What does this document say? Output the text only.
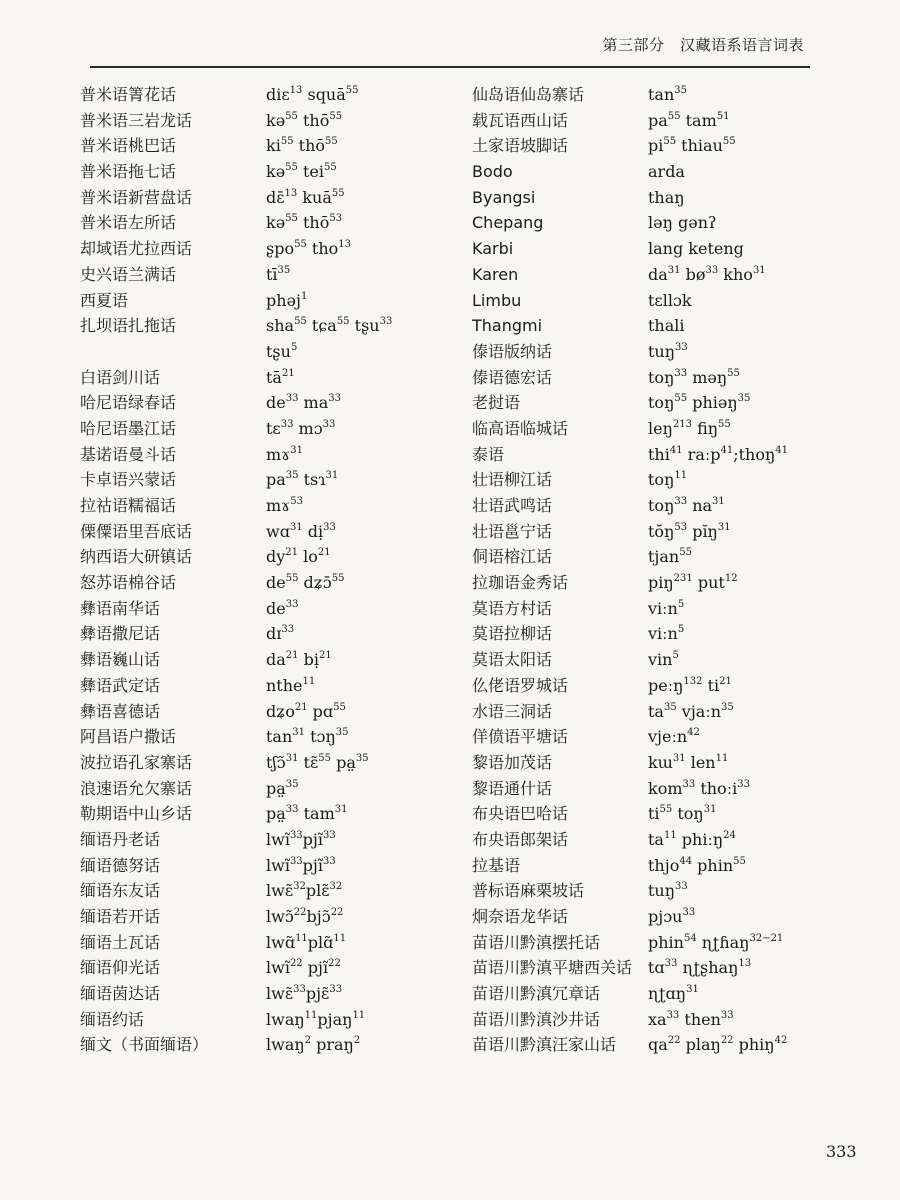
第三部分　汉藏语系语言词表
普米语箐花话	diɛ$^{13}$ squā$^{55}$
普米语三岩龙话	kə$^{55}$ thō$^{55}$
普米语桃巴话	$ki^{55}$ thō$^{55}$
普米语拖七话	kə$^{55}$ tei$^{55}$
普米语新营盘话	dɛ̄$^{13}$ kuā$^{55}$
普米语左所话	kə$^{55}$ thō$^{53}$
却域语尤拉西话	ʂpo$^{55}$ tho$^{13}$
史兴语兰满话	$tī^{35}$
西夏语	phəj$^1$
扎坝语扎拖话	sha$^{55}$ tɕa$^{55}$ tʂu$^{33}$
tʂu$^5$
白语剑川话	$tā^{21}$
哈尼语绿春话	$de^{33}$ $ma^{33}$
哈尼语墨江话	tɛ$^{33}$ mɔ$^{33}$
基诺语曼斗话	mɤ$^{31}$
卡卓语兴蒙话	$pa^{35}$ tsɿ$^{31}$
拉祜语糯福话	mɤ$^{53}$
傈僳语里吾底话	wɑ$^{31}$ dị$^{33}$
纳西语大研镇话	$dy^{21}$ $lo^{21}$
怒苏语棉谷话	$de^{55}$ dʑɔ̄$^{55}$
彝语南华话	$de^{33}$
彝语撒尼话	dɪ$^{33}$
彝语巍山话	$da^{21}$ bị$^{21}$
彝语武定话	nthe$^{11}$
彝语喜德话	dʑo$^{21}$ pɑ$^{55}$
阿昌语户撒话	$\tan^{31}$ tɔŋ$^{35}$
波拉语孔家寨话	tʃɔ̃$^{31}$ tɛ̃$^{55}$ pa̤$^{35}$
浪速语允欠寨话	pa̤$^{35}$
勒期语中山乡话	pa̤$^{33}$ tam$^{31}$
缅语丹老话	lwĩ$^{33}$pjĩ$^{33}$
缅语德努话	lwĩ$^{33}$pjĩ$^{33}$
缅语东友话	lwɛ̃$^{32}$plɛ̃$^{32}$
缅语若开话	lwɔ̃$^{22}$bjɔ̃$^{22}$
缅语土瓦话	lwɑ̃$^{11}$plɑ̃$^{11}$
缅语仰光话	lwĩ$^{22}$ pjĩ$^{22}$
缅语茵达话	lwɛ̃$^{33}$pjɛ̃$^{33}$
缅语约话	lwaŋ$^{11}$pjaŋ$^{11}$
缅文（书面缅语）	lwaŋ$^2$ praŋ$^2$
仙岛语仙岛寨话	$\tan^{35}$
载瓦语西山话	$pa^{55}$ tam$^{51}$
土家语坡脚话	$pi^{55}$ thiau$^{55}$
Bodo	arda
Byangsi	thaŋ
Chepang	ləŋ gənʔ
Karbi	lang keteng
Karen	$da^{31}$ $bø^{33}$ kho$^{31}$
Limbu	tɛllɔk
Thangmi	thali
傣语版纳话	tuŋ$^{33}$
傣语德宏话	toŋ$^{33}$ məŋ$^{55}$
老挝语	toŋ$^{55}$ phiəŋ$^{35}$
临高语临城话	leŋ$^{213}$ fiŋ$^{55}$
泰语	thi$^{41}$ raːp$^{41}$;thoŋ$^{41}$
壮语柳江话	toŋ$^{11}$
壮语武鸣话	toŋ$^{33}$ $na^{31}$
壮语邕宁话	tŏŋ$^{53}$ pĭŋ$^{31}$
侗语榕江话	tjan$^{55}$
拉珈语金秀话	piŋ$^{231}$ put$^{12}$
莫语方村话	viːn$^5$
莫语拉柳话	viːn$^5$
莫语太阳话	vin$^5$
仫佬语罗城话	peːŋ$^{132}$ $ti^{21}$
水语三洞话	$ta^{35}$ vjaːn$^{35}$
佯偾语平塘话	vjeːn$^{42}$
黎语加茂话	kɯ$^{31}$ len$^{11}$
黎语通什话	kom$^{33}$ thoːi$^{33}$
布央语巴哈话	$ti^{55}$ toŋ$^{31}$
布央语郎架话	$ta^{11}$ phiːŋ$^{24}$
拉基语	thjo$^{44}$ phin$^{55}$
普标语麻栗坡话	tuŋ$^{33}$
炯奈语龙华话	pjɔu$^{33}$
苗语川黔滇摆托话	phin$^{54}$ ɳʈɦaŋ$^{32-21}$
苗语川黔滇平塘西关话 tɑ$^{33}$ ɳʈʂhaŋ$^{13}$
苗语川黔滇冗章话	ɳʈɑŋ$^{31}$
苗语川黔滇沙井话	$xa^{33}$ then$^{33}$
苗语川黔滇汪家山话 $qa^{22}$ plaŋ$^{22}$ phiŋ$^{42}$
333
